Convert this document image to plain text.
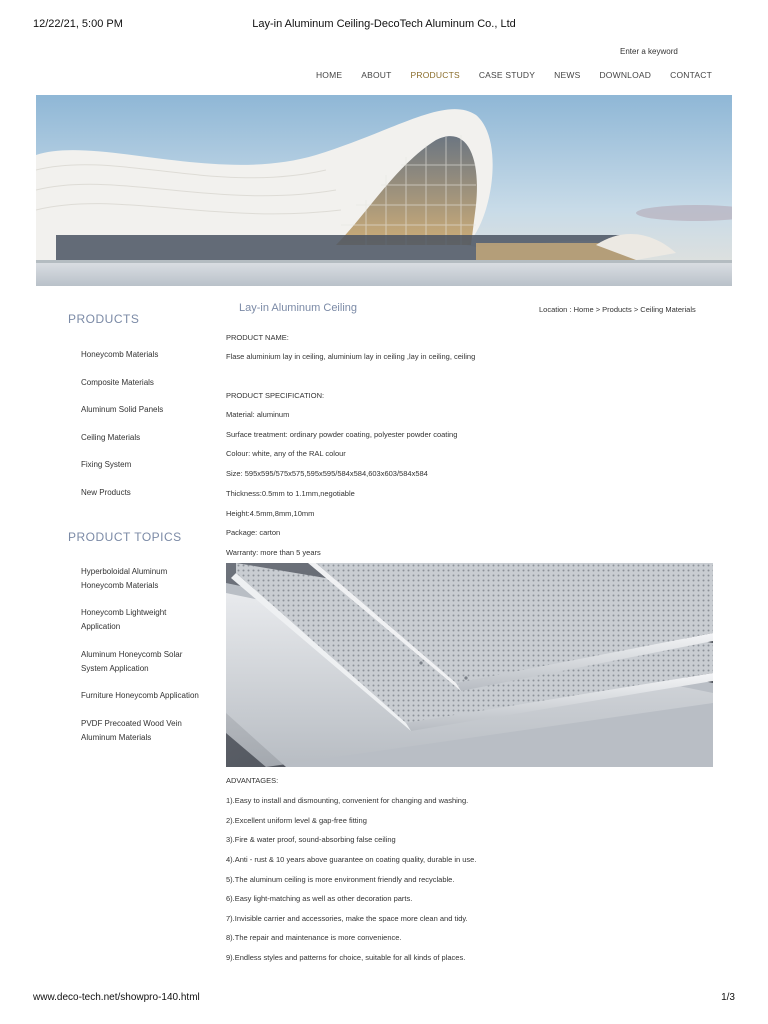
12/22/21, 5:00 PM	Lay-in Aluminum Ceiling-DecoTech Aluminum Co., Ltd
Enter a keyword
HOME ABOUT PRODUCTS CASE STUDY NEWS DOWNLOAD CONTACT
PRODUCTS
Honeycomb Materials
Composite Materials
Aluminum Solid Panels
Ceiling Materials
Fixing System
New Products
PRODUCT TOPICS
Hyperboloidal Aluminum
Honeycomb Materials
Honeycomb Lightweight
Application
Aluminum Honeycomb Solar
System Application
Furniture Honeycomb Application
PVDF Precoated Wood Vein
Aluminum Materials
Lay-in Aluminum Ceiling	Location : Home > Products > Ceiling Materials
PRODUCT NAME:
Flase aluminium lay in ceiling, aluminium lay in ceiling ,lay in ceiling, ceiling
PRODUCT SPECIFICATION:
Material: aluminum
Surface treatment: ordinary powder coating, polyester powder coating
Colour: white, any of the RAL colour
Size: 595x595/575x575,595x595/584x584,603x603/584x584
Thickness:0.5mm to 1.1mm,negotiable
Height:4.5mm,8mm,10mm
Package: carton
Warranty: more than 5 years
ADVANTAGES:
1).Easy to install and dismounting, convenient for changing and washing.
2).Excellent uniform level & gap-free fitting
3).Fire & water proof, sound-absorbing false ceiling
4).Anti - rust & 10 years above guarantee on coating quality, durable in use.
5).The aluminum ceiling is more environment friendly and recyclable.
6).Easy light-matching as well as other decoration parts.
7).Invisible carrier and accessories, make the space more clean and tidy.
8).The repair and maintenance is more convenience.
9).Endless styles and patterns for choice, suitable for all kinds of places.
www.deco-tech.net/showpro-140.html	1/3
